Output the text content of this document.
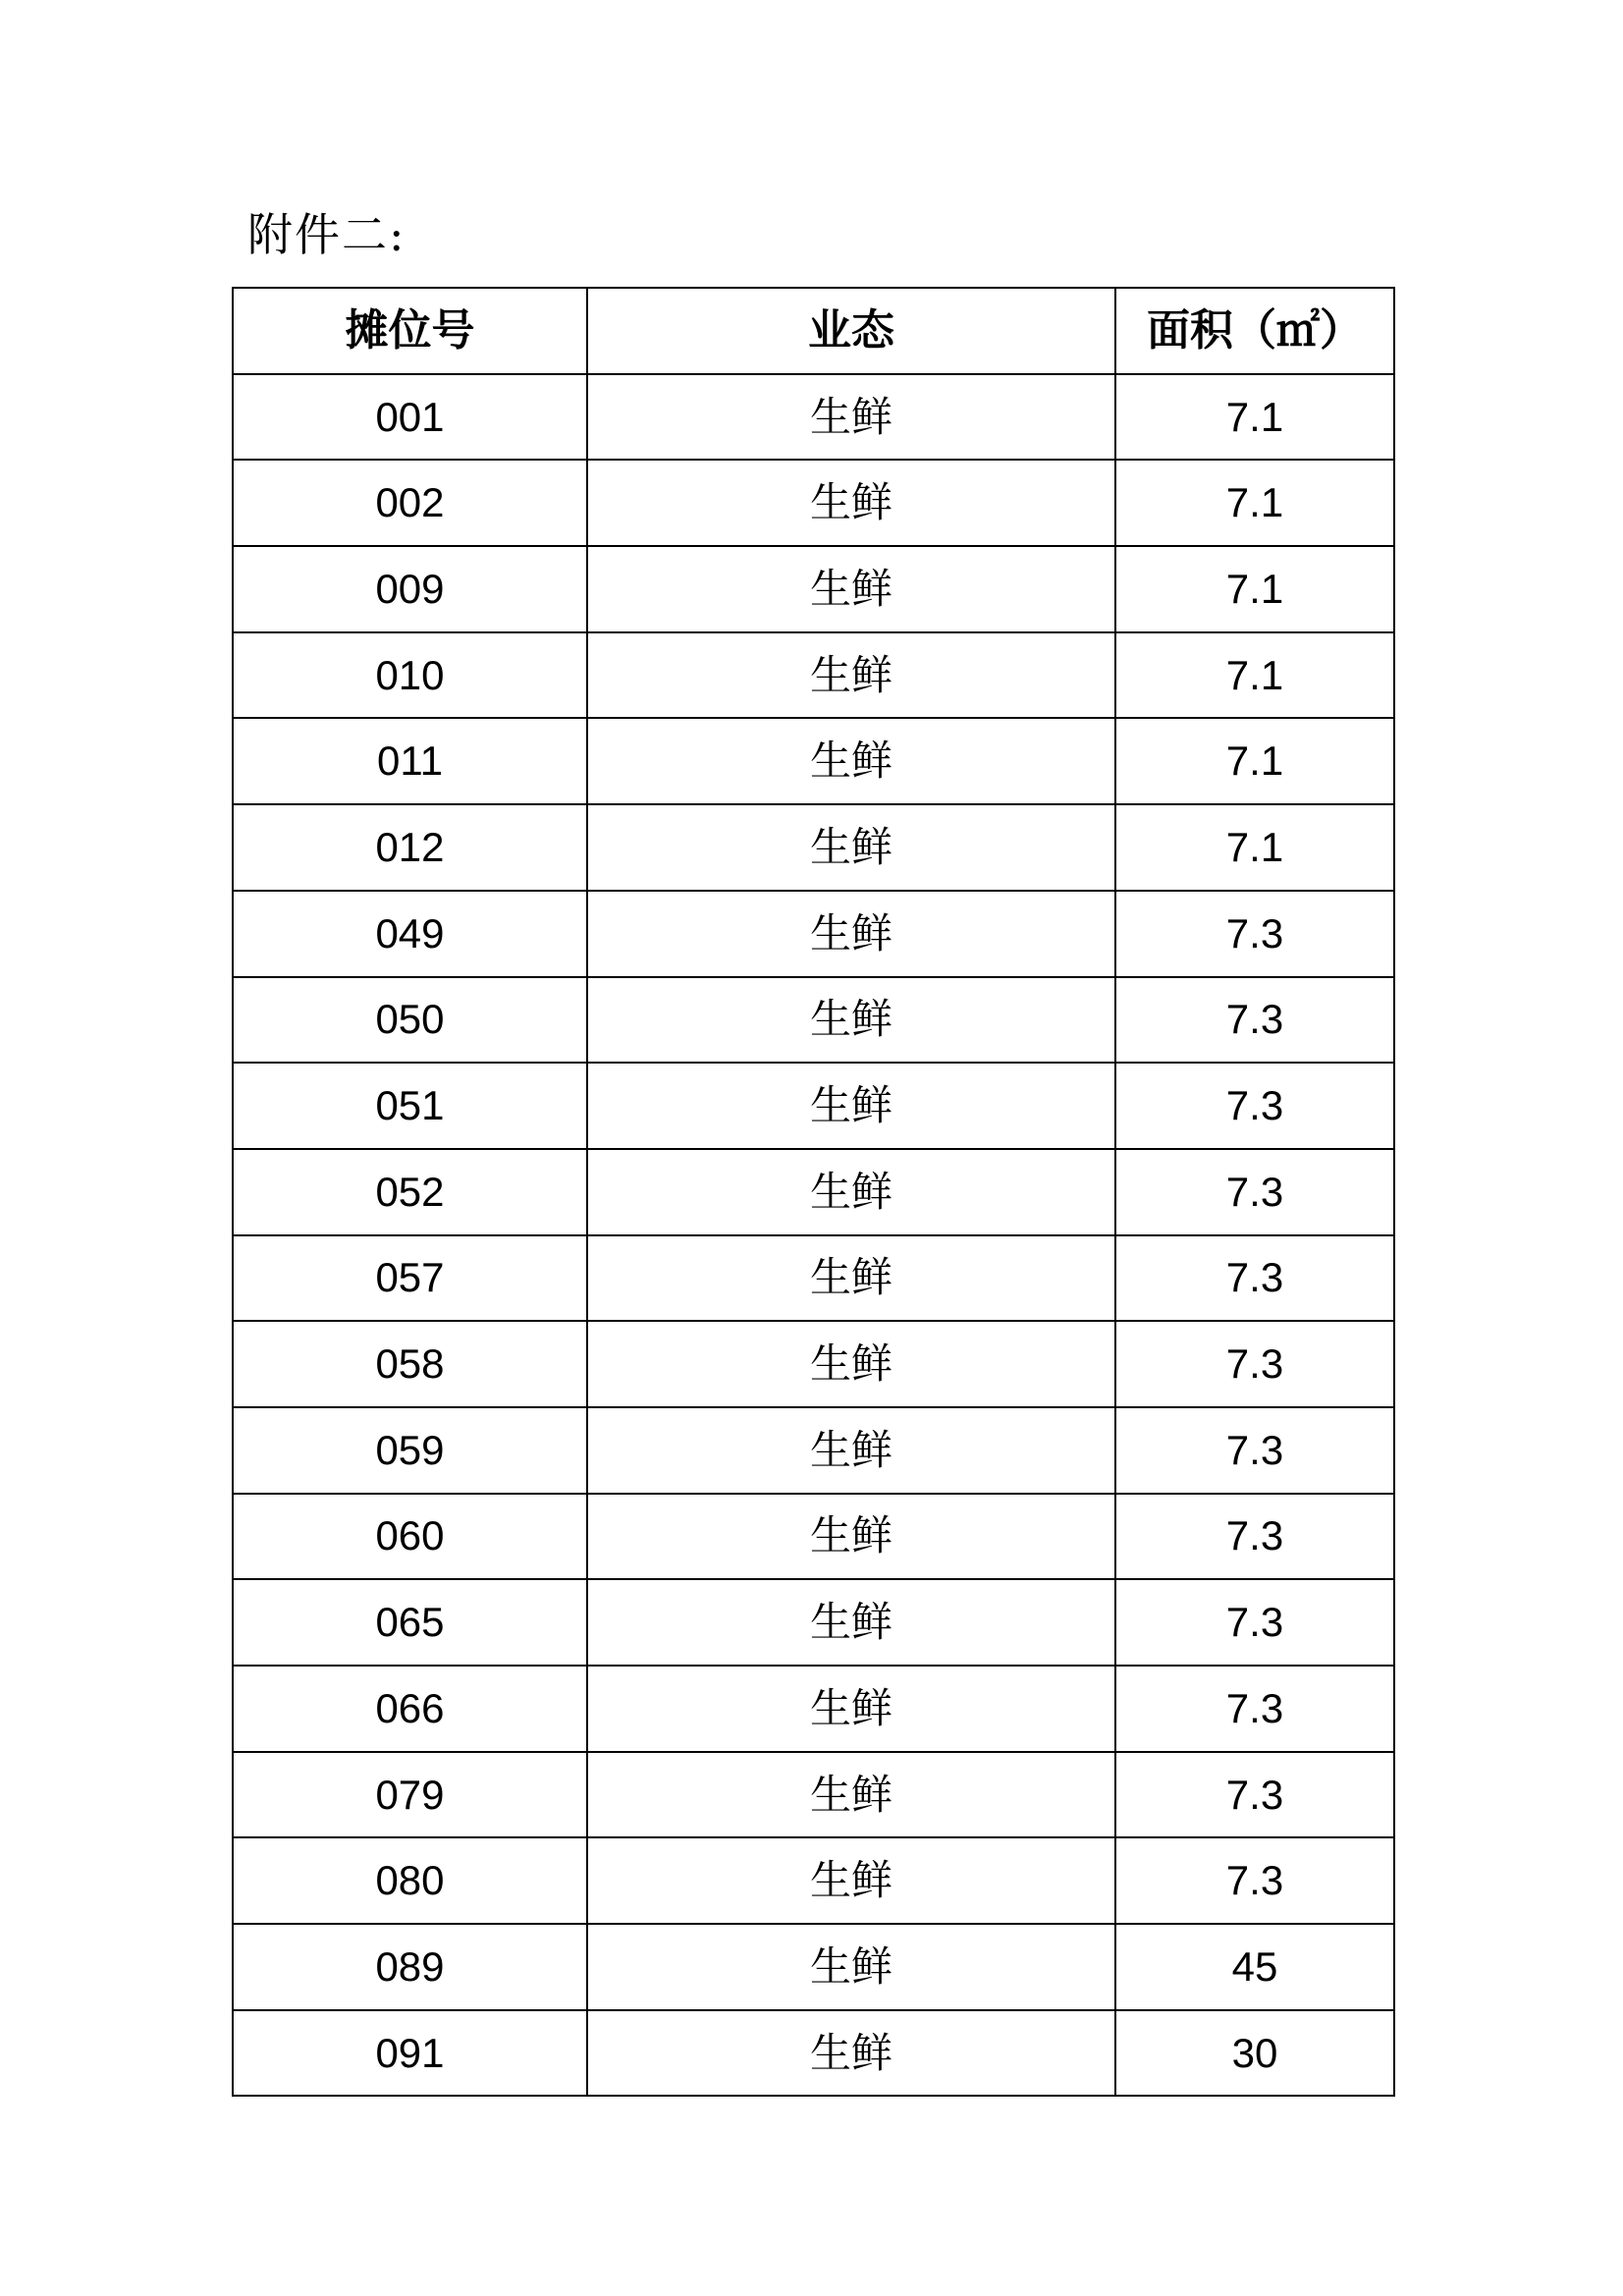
附件二:
摊位号	业态	面积（㎡）
001	生鲜	7.1
002	生鲜	7.1
009	生鲜	7.1
010	生鲜	7.1
011	生鲜	7.1
012	生鲜	7.1
049	生鲜	7.3
050	生鲜	7.3
051	生鲜	7.3
052	生鲜	7.3
057	生鲜	7.3
058	生鲜	7.3
059	生鲜	7.3
060	生鲜	7.3
065	生鲜	7.3
066	生鲜	7.3
079	生鲜	7.3
080	生鲜	7.3
089	生鲜	45
091	生鲜	30
